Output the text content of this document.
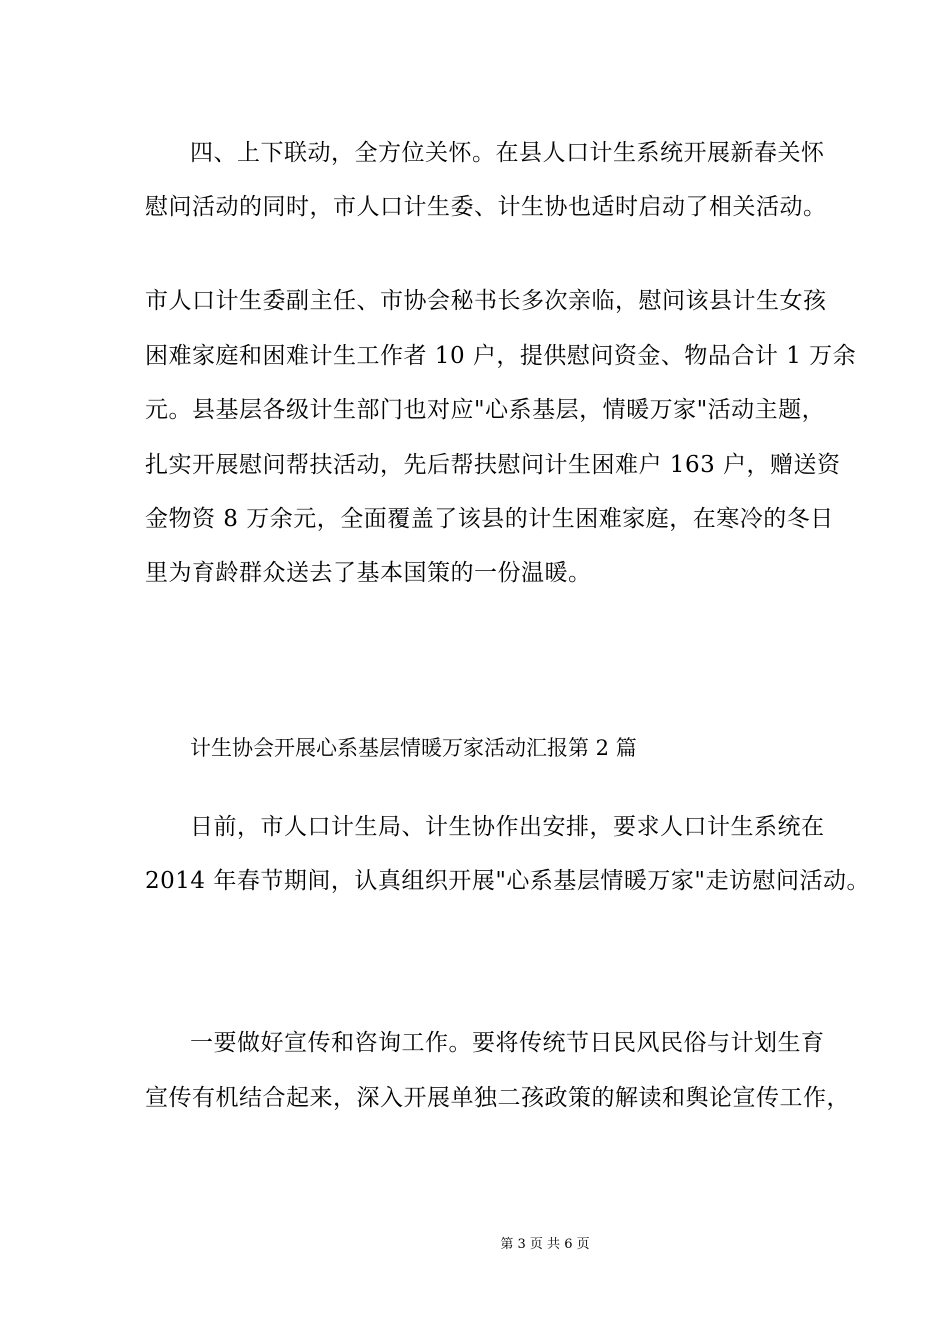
四、上下联动，全方位关怀。在县人口计生系统开展新春关怀
慰问活动的同时，市人口计生委、计生协也适时启动了相关活动。
市人口计生委副主任、市协会秘书长多次亲临，慰问该县计生女孩
困难家庭和困难计生工作者 10 户，提供慰问资金、物品合计 1 万余
元。县基层各级计生部门也对应"心系基层，情暖万家"活动主题，
扎实开展慰问帮扶活动，先后帮扶慰问计生困难户 163 户，赠送资
金物资 8 万余元，全面覆盖了该县的计生困难家庭，在寒冷的冬日
里为育龄群众送去了基本国策的一份温暖。
计生协会开展心系基层情暖万家活动汇报第 2 篇
日前，市人口计生局、计生协作出安排，要求人口计生系统在
2014 年春节期间，认真组织开展"心系基层情暖万家"走访慰问活动。
一要做好宣传和咨询工作。要将传统节日民风民俗与计划生育
宣传有机结合起来，深入开展单独二孩政策的解读和舆论宣传工作，
第 3 页 共 6 页
